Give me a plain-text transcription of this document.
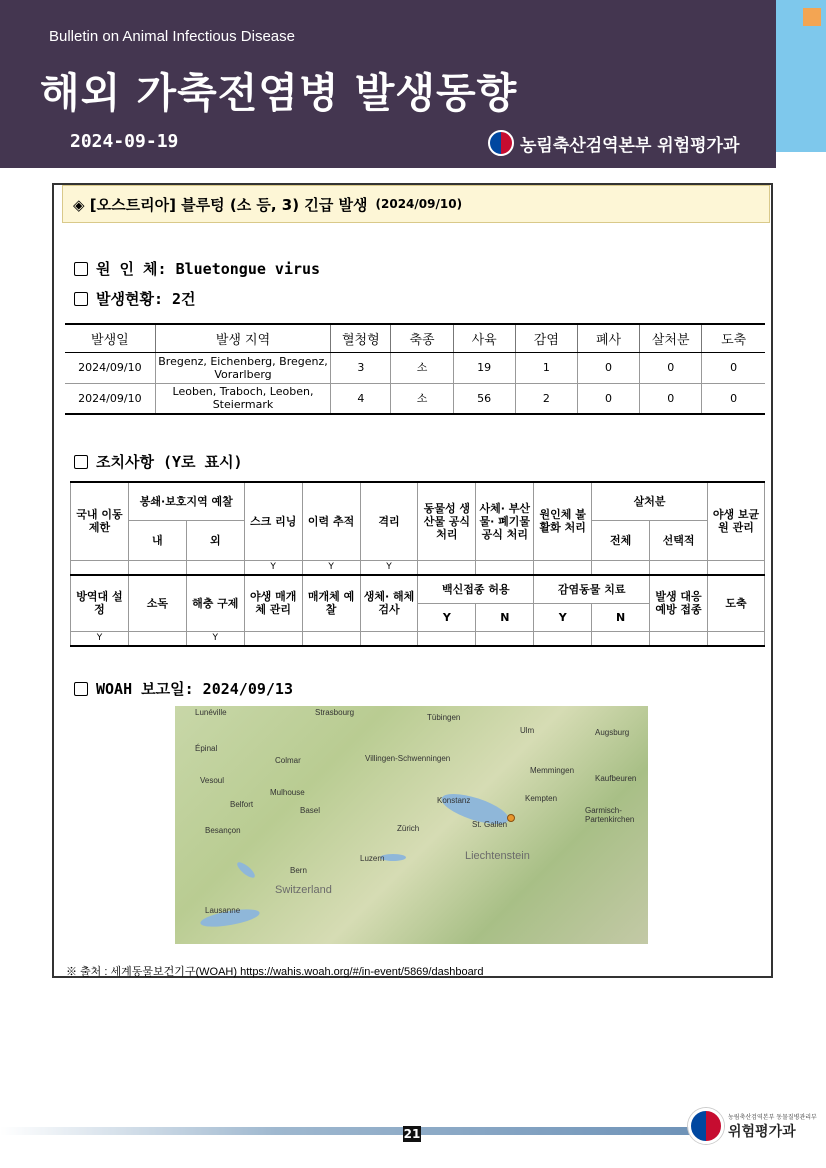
Bulletin on Animal Infectious Disease
해외 가축전염병 발생동향
2024-09-19	농림축산검역본부 위험평가과
◈ [오스트리아] 블루텅 (소 등, 3) 긴급 발생 (2024/09/10)
원 인 체: Bluetongue virus
발생현황: 2건
발생일	발생 지역	혈청형	축종	사육	감염	폐사	살처분	도축
2024/09/10	Bregenz, Eichenberg, Bregenz, Vorarlberg	3	소	19	1	0	0	0
2024/09/10	Leoben, Traboch, Leoben, Steiermark	4	소	56	2	0	0	0
조치사항 (Y로 표시)
국내 이동 제한	봉쇄·보호지역 예찰		스크 리닝	이력 추적	격리	동물성 생산물 공식 처리	사체· 부산물· 폐기물 공식 처리	원인체 불활화 처리	살처분		야생 보균원 관리
	내	외							전체	선택적	
			Y	Y	Y						
방역대 설정	소독	해충 구제	야생 매개체 관리	매개체 예찰	생체· 해체 검사	백신접종 허용		감염동물 치료		발생 대응 예방 접종	도축
						Y	N	Y	N		
Y		Y									
WOAH 보고일: 2024/09/13
Strasbourg
Tübingen
Ulm	Augsburg
Colmar	Villingen-Schwenningen
Memmingen
Kaufbeuren
Mulhouse
Basel
Konstanz	Kempten
Belfort
Zürich	St. Gallen
Luzern	Liechtenstein
Bern
Switzerland
Lausanne
Lunéville
Épinal
Vesoul
Besançon
Garmisch-Partenkirchen
※ 출처 : 세계동물보건기구(WOAH) https://wahis.woah.org/#/in-event/5869/dashboard
21
농림축산검역본부 동물질병관리부
위험평가과
